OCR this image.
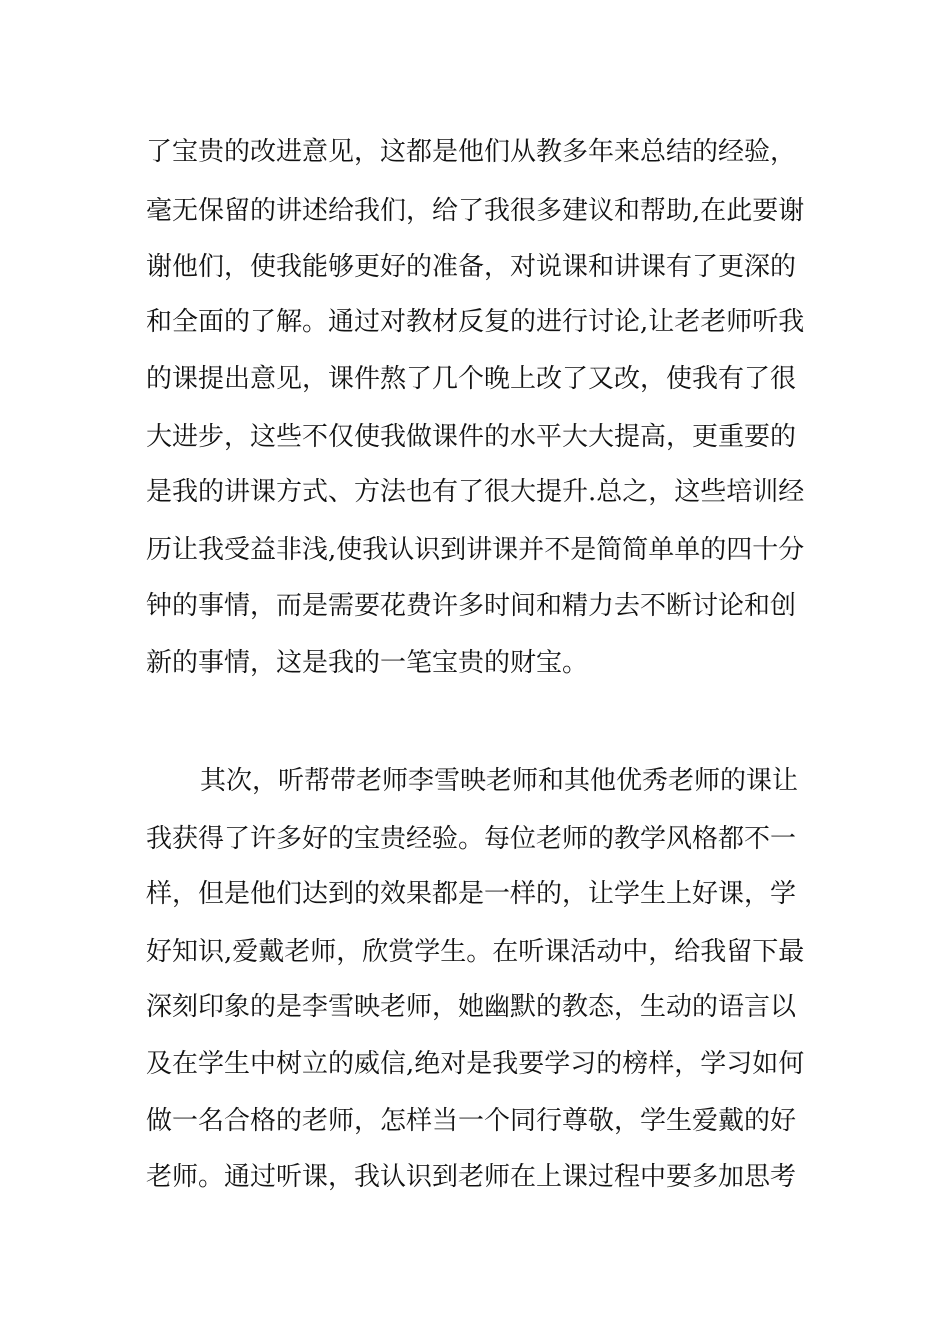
了宝贵的改进意见，这都是他们从教多年来总结的经验，
毫无保留的讲述给我们，给了我很多建议和帮助,在此要谢
谢他们，使我能够更好的准备，对说课和讲课有了更深的
和全面的了解。通过对教材反复的进行讨论,让老老师听我
的课提出意见，课件熬了几个晚上改了又改，使我有了很
大进步，这些不仅使我做课件的水平大大提高，更重要的
是我的讲课方式、方法也有了很大提升.总之，这些培训经
历让我受益非浅,使我认识到讲课并不是简简单单的四十分
钟的事情，而是需要花费许多时间和精力去不断讨论和创
新的事情，这是我的一笔宝贵的财宝。
其次，听帮带老师李雪映老师和其他优秀老师的课让
我获得了许多好的宝贵经验。每位老师的教学风格都不一
样，但是他们达到的效果都是一样的，让学生上好课，学
好知识,爱戴老师，欣赏学生。在听课活动中，给我留下最
深刻印象的是李雪映老师，她幽默的教态，生动的语言以
及在学生中树立的威信,绝对是我要学习的榜样，学习如何
做一名合格的老师，怎样当一个同行尊敬，学生爱戴的好
老师。通过听课，我认识到老师在上课过程中要多加思考
